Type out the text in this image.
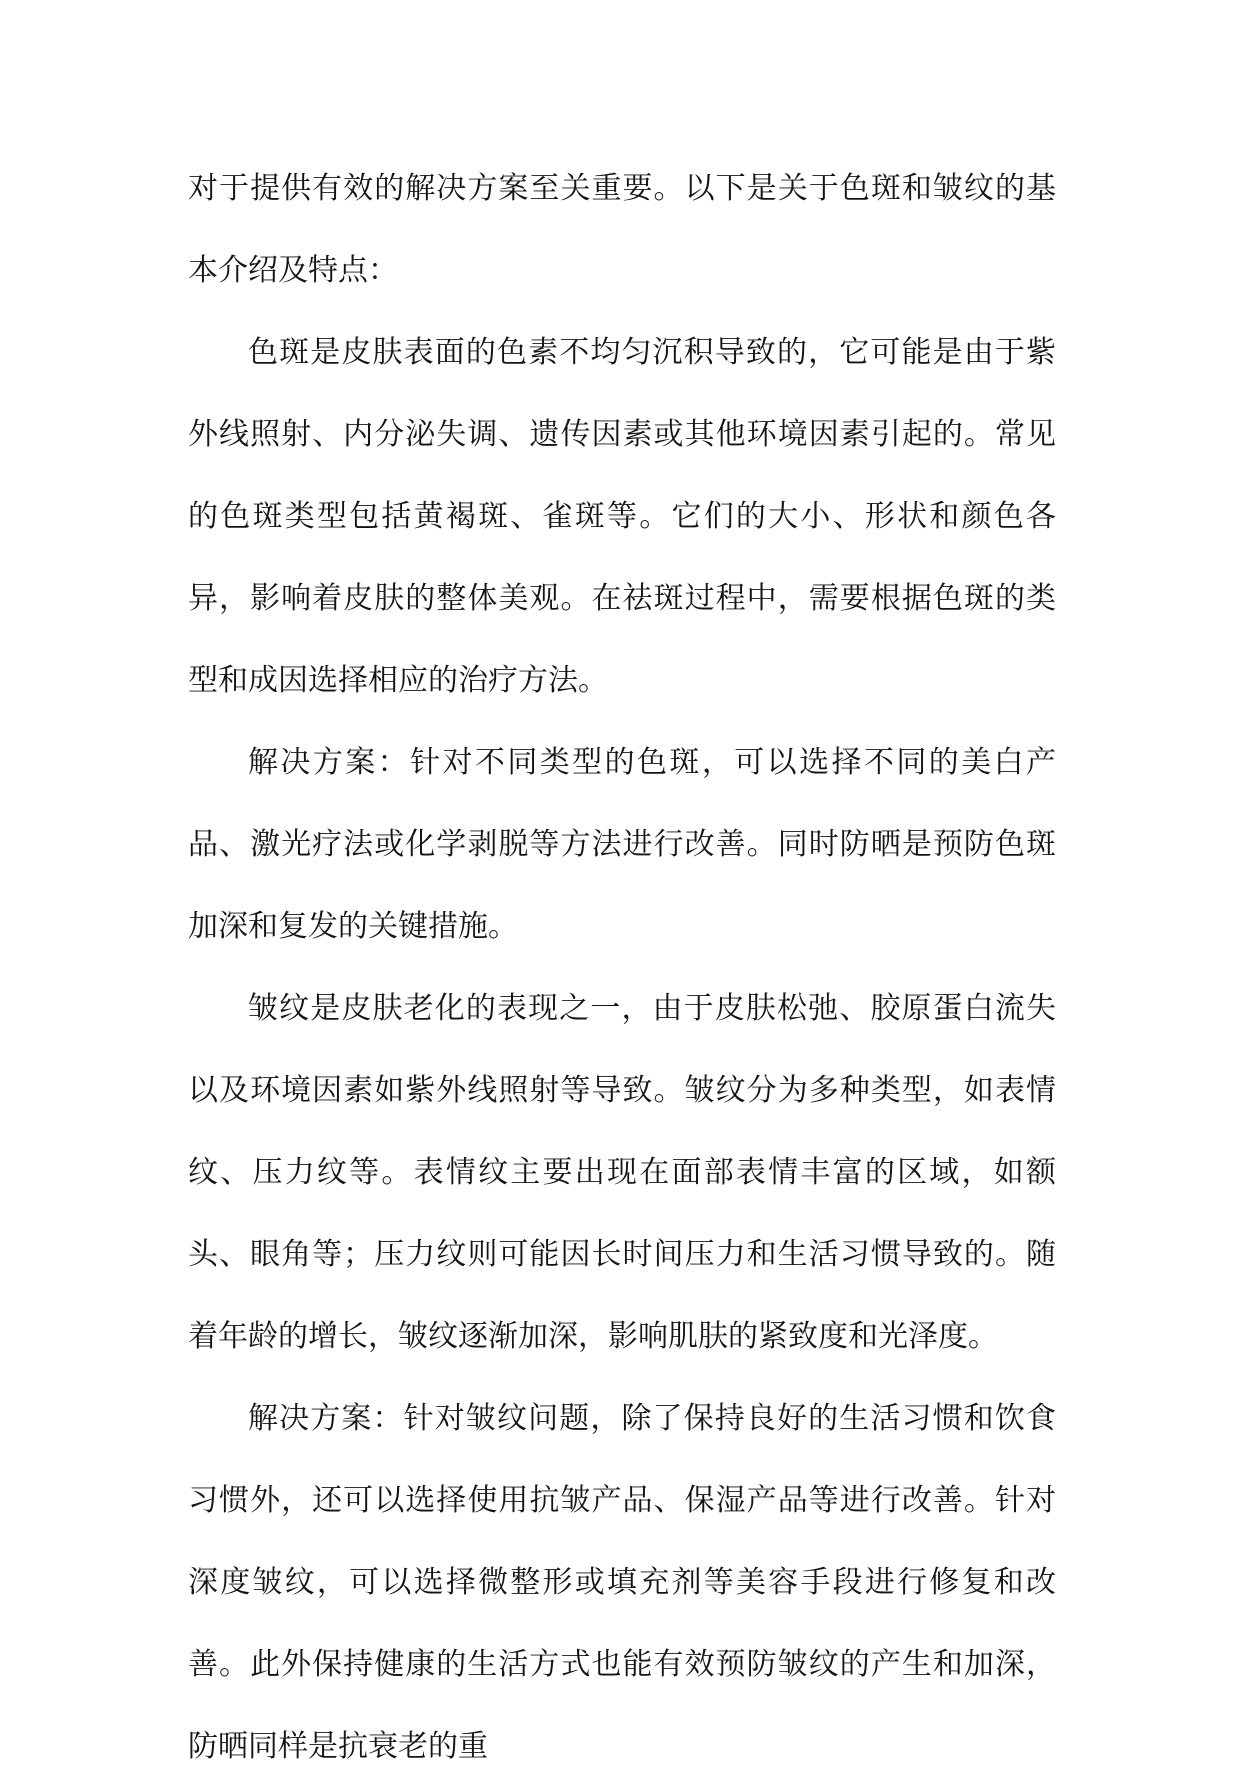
对于提供有效的解决方案至关重要。以下是关于色斑和皱纹的基本介绍及特点：

色斑是皮肤表面的色素不均匀沉积导致的，它可能是由于紫外线照射、内分泌失调、遗传因素或其他环境因素引起的。常见的色斑类型包括黄褐斑、雀斑等。它们的大小、形状和颜色各异，影响着皮肤的整体美观。在祛斑过程中，需要根据色斑的类型和成因选择相应的治疗方法。

解决方案：针对不同类型的色斑，可以选择不同的美白产品、激光疗法或化学剥脱等方法进行改善。同时防晒是预防色斑加深和复发的关键措施。

皱纹是皮肤老化的表现之一，由于皮肤松弛、胶原蛋白流失以及环境因素如紫外线照射等导致。皱纹分为多种类型，如表情纹、压力纹等。表情纹主要出现在面部表情丰富的区域，如额头、眼角等；压力纹则可能因长时间压力和生活习惯导致的。随着年龄的增长，皱纹逐渐加深，影响肌肤的紧致度和光泽度。

解决方案：针对皱纹问题，除了保持良好的生活习惯和饮食习惯外，还可以选择使用抗皱产品、保湿产品等进行改善。针对深度皱纹，可以选择微整形或填充剂等美容手段进行修复和改善。此外保持健康的生活方式也能有效预防皱纹的产生和加深，防晒同样是抗衰老的重
